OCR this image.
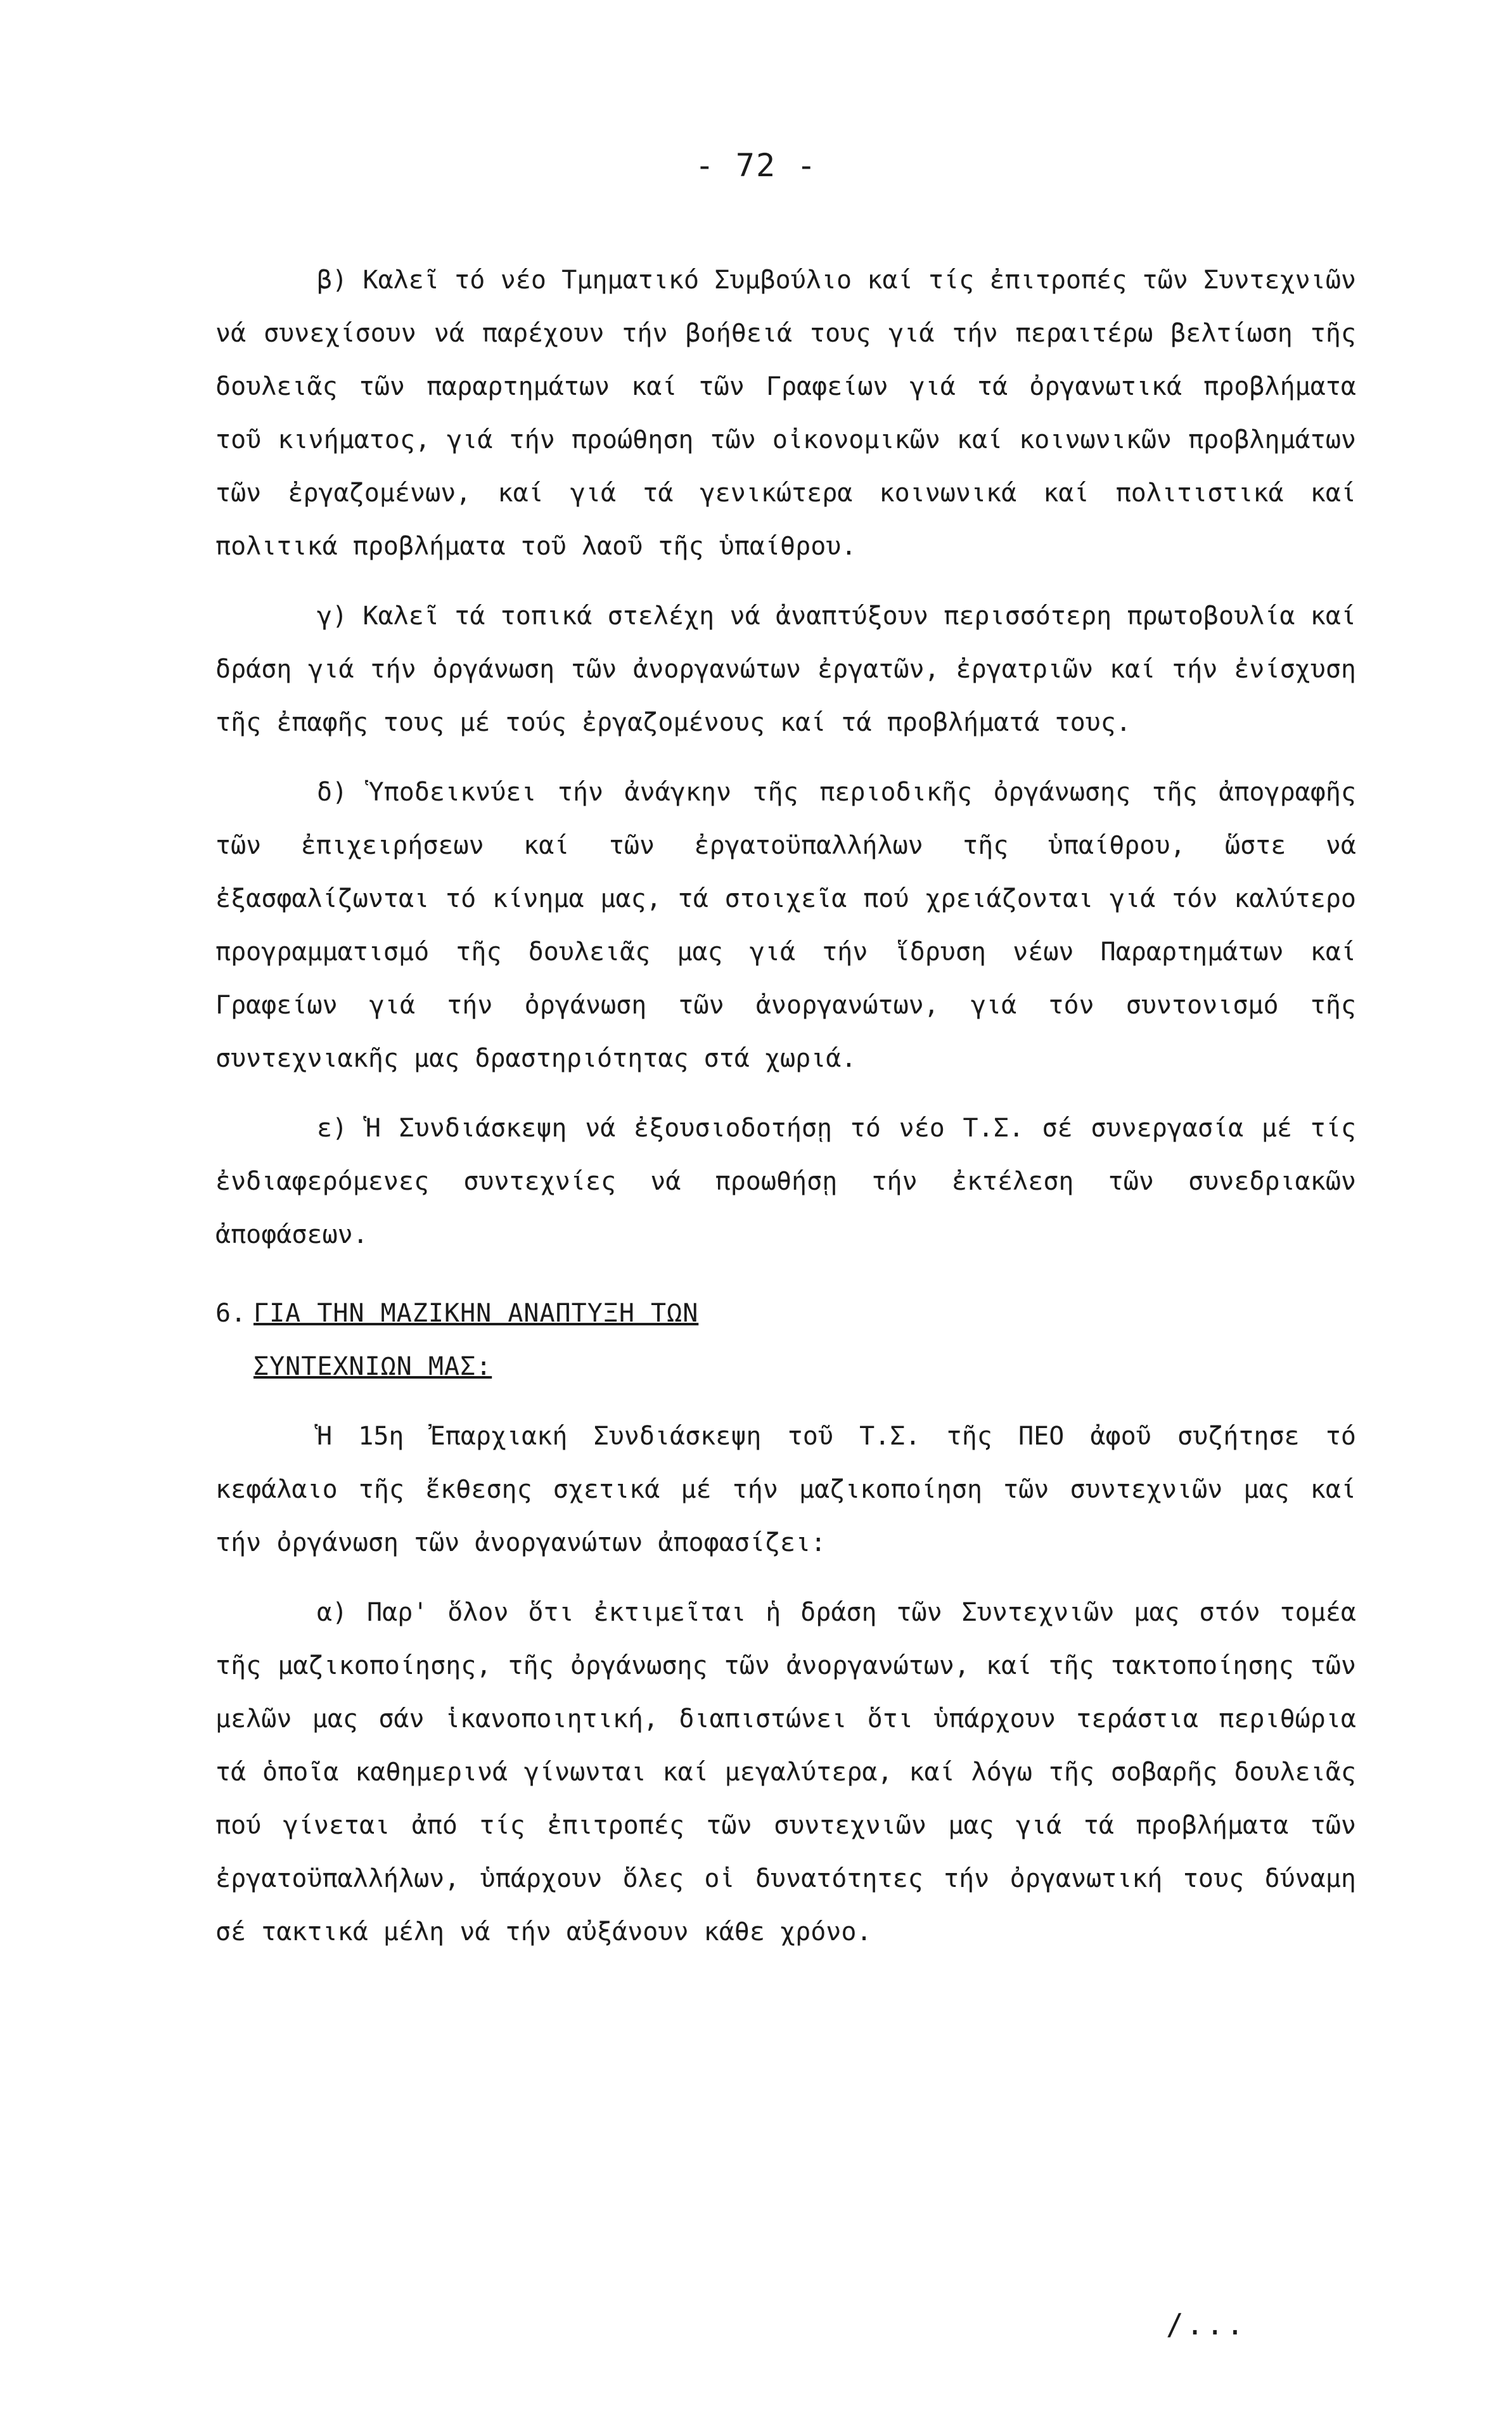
- 72 -

β) Καλεῖ τό νέο Τμηματικό Συμβούλιο καί τίς ἐπιτροπές τῶν Συντεχνιῶν νά συνεχίσουν νά παρέχουν τήν βοήθειά τους γιά τήν περαιτέρω βελτίωση τῆς δουλειᾶς τῶν παραρτημάτων καί τῶν Γραφείων γιά τά ὀργανωτικά προβλήματα τοῦ κινήματος, γιά τήν προώθηση τῶν οἰκονομικῶν καί κοινωνικῶν προβλημάτων τῶν ἐργαζομένων, καί γιά τά γενικώτερα κοινωνικά καί πολιτιστικά καί πολιτικά προβλήματα τοῦ λαοῦ τῆς ὑπαίθρου.

γ) Καλεῖ τά τοπικά στελέχη νά ἀναπτύξουν περισσότερη πρωτοβουλία καί δράση γιά τήν ὀργάνωση τῶν ἀνοργανώτων ἐργατῶν, ἐργατριῶν καί τήν ἐνίσχυση τῆς ἐπαφῆς τους μέ τούς ἐργαζομένους καί τά προβλήματά τους.

δ) Ὑποδεικνύει τήν ἀνάγκην τῆς περιοδικῆς ὀργάνωσης τῆς ἀπογραφῆς τῶν ἐπιχειρήσεων καί τῶν ἐργατοϋπαλλήλων τῆς ὑπαίθρου, ὥστε νά ἐξασφαλίζωνται τό κίνημα μας, τά στοιχεῖα πού χρειάζονται γιά τόν καλύτερο προγραμματισμό τῆς δουλειᾶς μας γιά τήν ἵδρυση νέων Παραρτημάτων καί Γραφείων γιά τήν ὀργάνωση τῶν ἀνοργανώτων, γιά τόν συντονισμό τῆς συντεχνιακῆς μας δραστηριότητας στά χωριά.

ε) Ἡ Συνδιάσκεψη νά ἐξουσιοδοτήσῃ τό νέο Τ.Σ. σέ συνεργασία μέ τίς ἐνδιαφερόμενες συντεχνίες νά προωθήσῃ τήν ἐκτέλεση τῶν συνεδριακῶν ἀποφάσεων.

6. ΓΙΑ ΤΗΝ ΜΑΖΙΚΗΝ ΑΝΑΠΤΥΞΗ ΤΩΝ
ΣΥΝΤΕΧΝΙΩΝ ΜΑΣ:

Ἡ 15η Ἐπαρχιακή Συνδιάσκεψη τοῦ Τ.Σ. τῆς ΠΕΟ ἀφοῦ συζήτησε τό κεφάλαιο τῆς ἔκθεσης σχετικά μέ τήν μαζικοποίηση τῶν συντεχνιῶν μας καί τήν ὀργάνωση τῶν ἀνοργανώτων ἀποφασίζει:

α) Παρ' ὅλον ὅτι ἐκτιμεῖται ἡ δράση τῶν Συντεχνιῶν μας στόν τομέα τῆς μαζικοποίησης, τῆς ὀργάνωσης τῶν ἀνοργανώτων, καί τῆς τακτοποίησης τῶν μελῶν μας σάν ἱκανοποιητική, διαπιστώνει ὅτι ὑπάρχουν τεράστια περιθώρια τά ὁποῖα καθημερινά γίνωνται καί μεγαλύτερα, καί λόγω τῆς σοβαρῆς δουλειᾶς πού γίνεται ἀπό τίς ἐπιτροπές τῶν συντεχνιῶν μας γιά τά προβλήματα τῶν ἐργατοϋπαλλήλων, ὑπάρχουν ὅλες οἱ δυνατότητες τήν ὀργανωτική τους δύναμη σέ τακτικά μέλη νά τήν αὐξάνουν κάθε χρόνο.

/...
